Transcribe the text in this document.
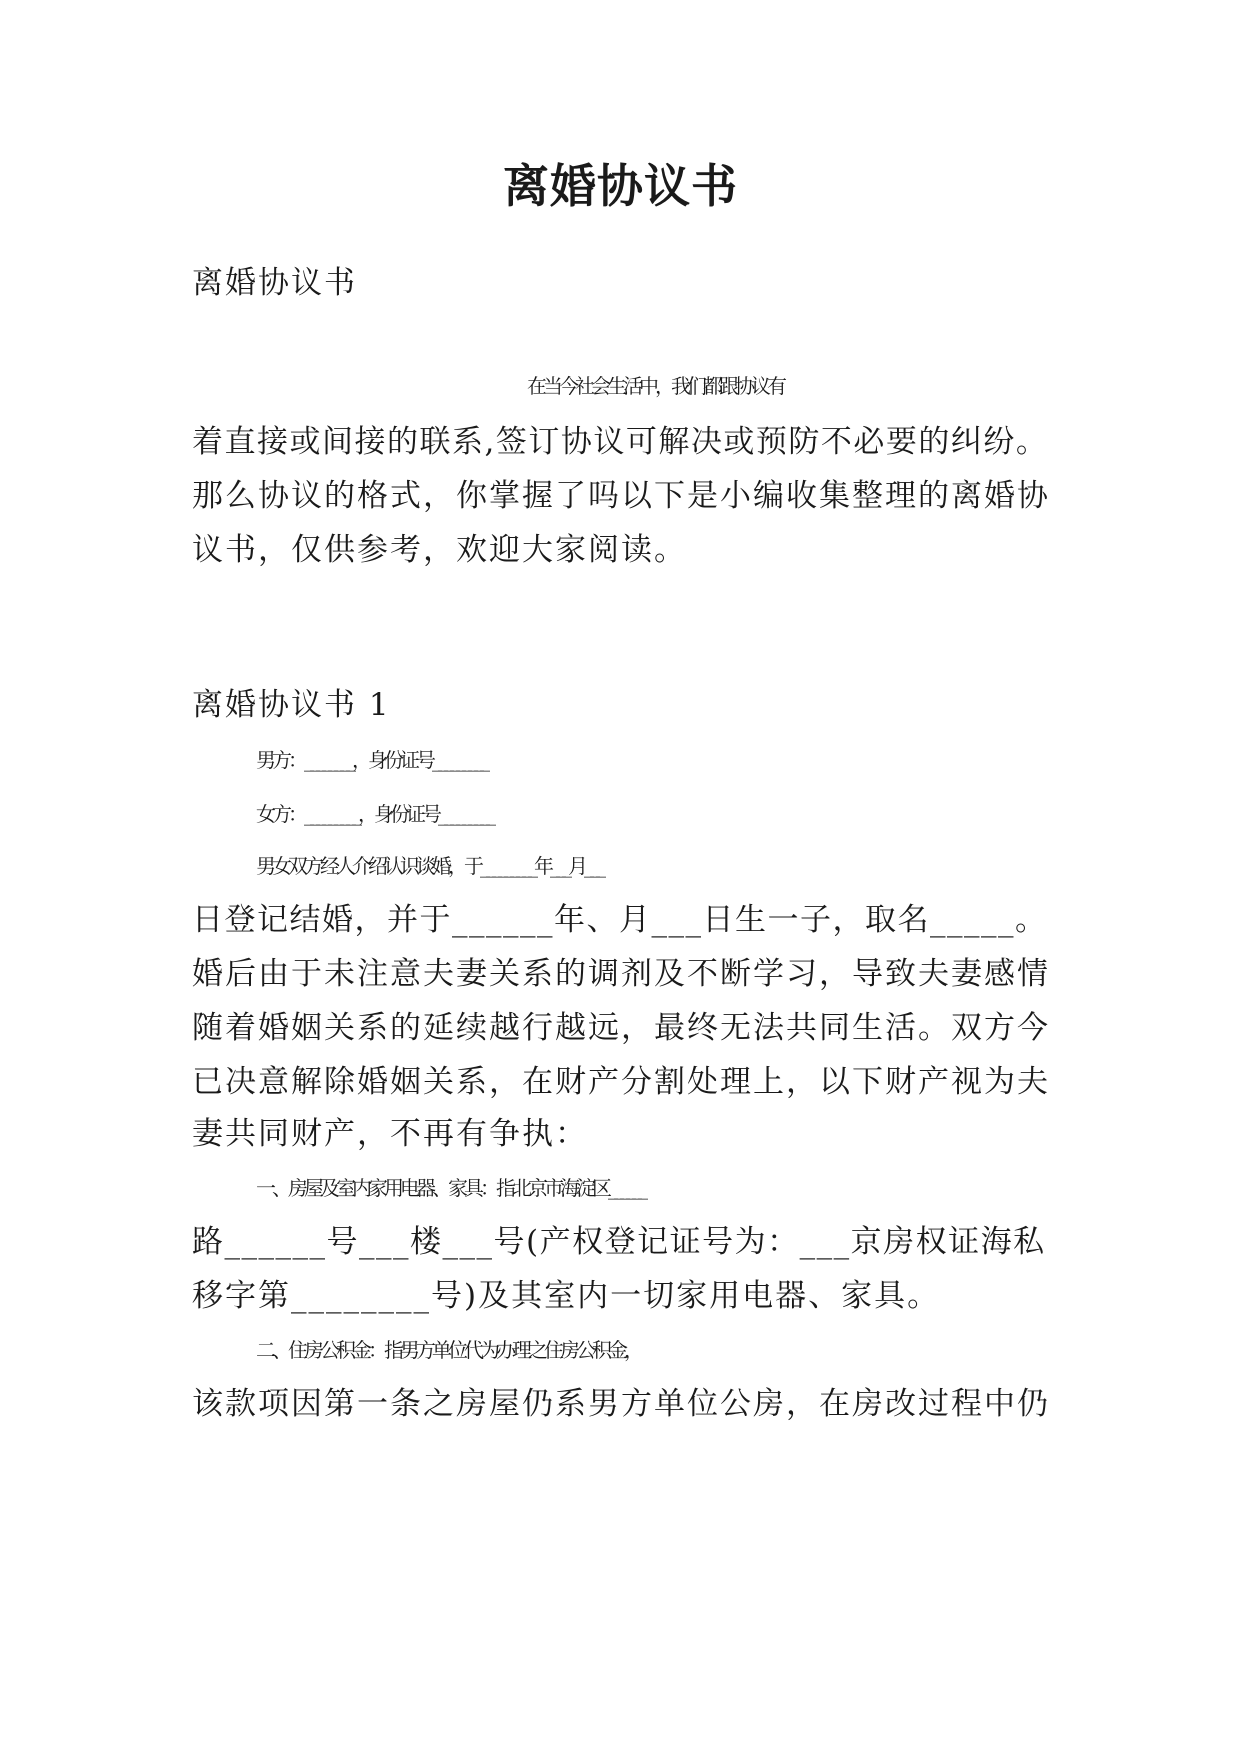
离婚协议书
离婚协议书
在当今社会生活中，我们都跟协议有
着直接或间接的联系,签订协议可解决或预防不必要的纠纷。
那么协议的格式，你掌握了吗以下是小编收集整理的离婚协
议书，仅供参考，欢迎大家阅读。
离婚协议书 1
男方：________，身份证号_________
女方：_________，身份证号_________
男女双方经人介绍认识谈婚，于_________年___月___
日登记结婚，并于______年、月___日生一子，取名_____。
婚后由于未注意夫妻关系的调剂及不断学习，导致夫妻感情
随着婚姻关系的延续越行越远，最终无法共同生活。双方今
已决意解除婚姻关系，在财产分割处理上，以下财产视为夫
妻共同财产，不再有争执：
一、房屋及室内家用电器、家具：指北京市海淀区______
路______号___楼___号(产权登记证号为：___京房权证海私
移字第________号)及其室内一切家用电器、家具。
二、住房公积金：指男方单位代为办理之住房公积金，
该款项因第一条之房屋仍系男方单位公房，在房改过程中仍
